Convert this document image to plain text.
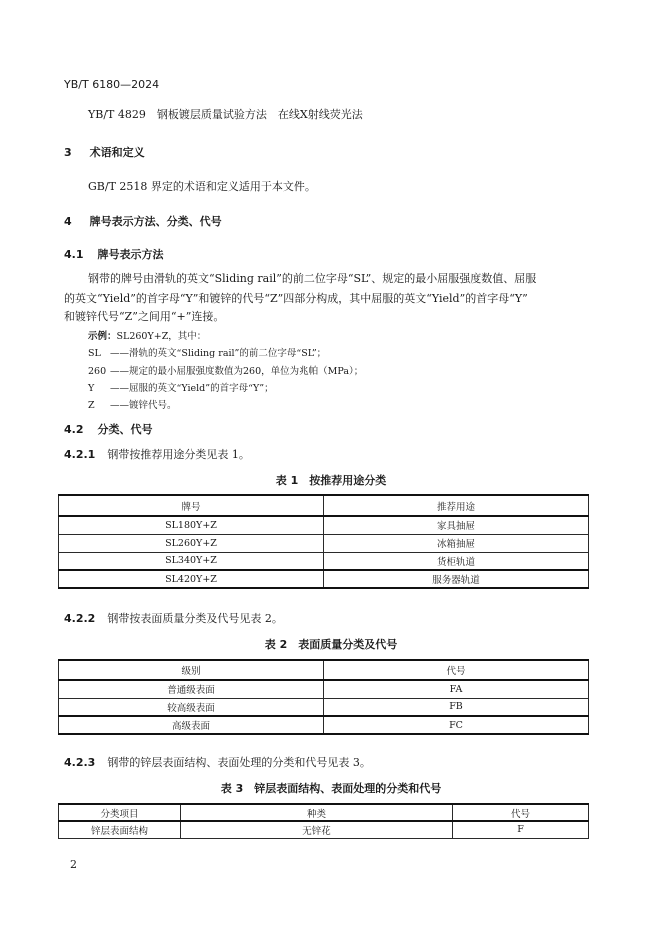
YB/T 6180—2024
YB/T 4829　钢板镀层质量试验方法　在线X射线荧光法
3 术语和定义
GB/T 2518 界定的术语和定义适用于本文件。
4 牌号表示方法、分类、代号
4.1 牌号表示方法
钢带的牌号由滑轨的英文“Sliding rail”的前二位字母“SL”、规定的最小屈服强度数值、屈服
的英文“Yield”的首字母“Y”和镀锌的代号“Z”四部分构成，其中屈服的英文“Yield”的首字母“Y”
和镀锌代号“Z”之间用“+”连接。
示例：SL260Y+Z，其中：
SL ——滑轨的英文“Sliding rail”的前二位字母“SL”；
260 ——规定的最小屈服强度数值为260，单位为兆帕（MPa）；
Y ——屈服的英文“Yield”的首字母“Y”；
Z ——镀锌代号。
4.2 分类、代号
4.2.1 钢带按推荐用途分类见表 1。
表 1　按推荐用途分类
牌号	推荐用途
SL180Y+Z	家具抽屉
SL260Y+Z	冰箱抽屉
SL340Y+Z	货柜轨道
SL420Y+Z	服务器轨道
4.2.2 钢带按表面质量分类及代号见表 2。
表 2　表面质量分类及代号
级别	代号
普通级表面	FA
较高级表面	FB
高级表面	FC
4.2.3 钢带的锌层表面结构、表面处理的分类和代号见表 3。
表 3　锌层表面结构、表面处理的分类和代号
分类项目	种类	代号
锌层表面结构	无锌花	F
2
